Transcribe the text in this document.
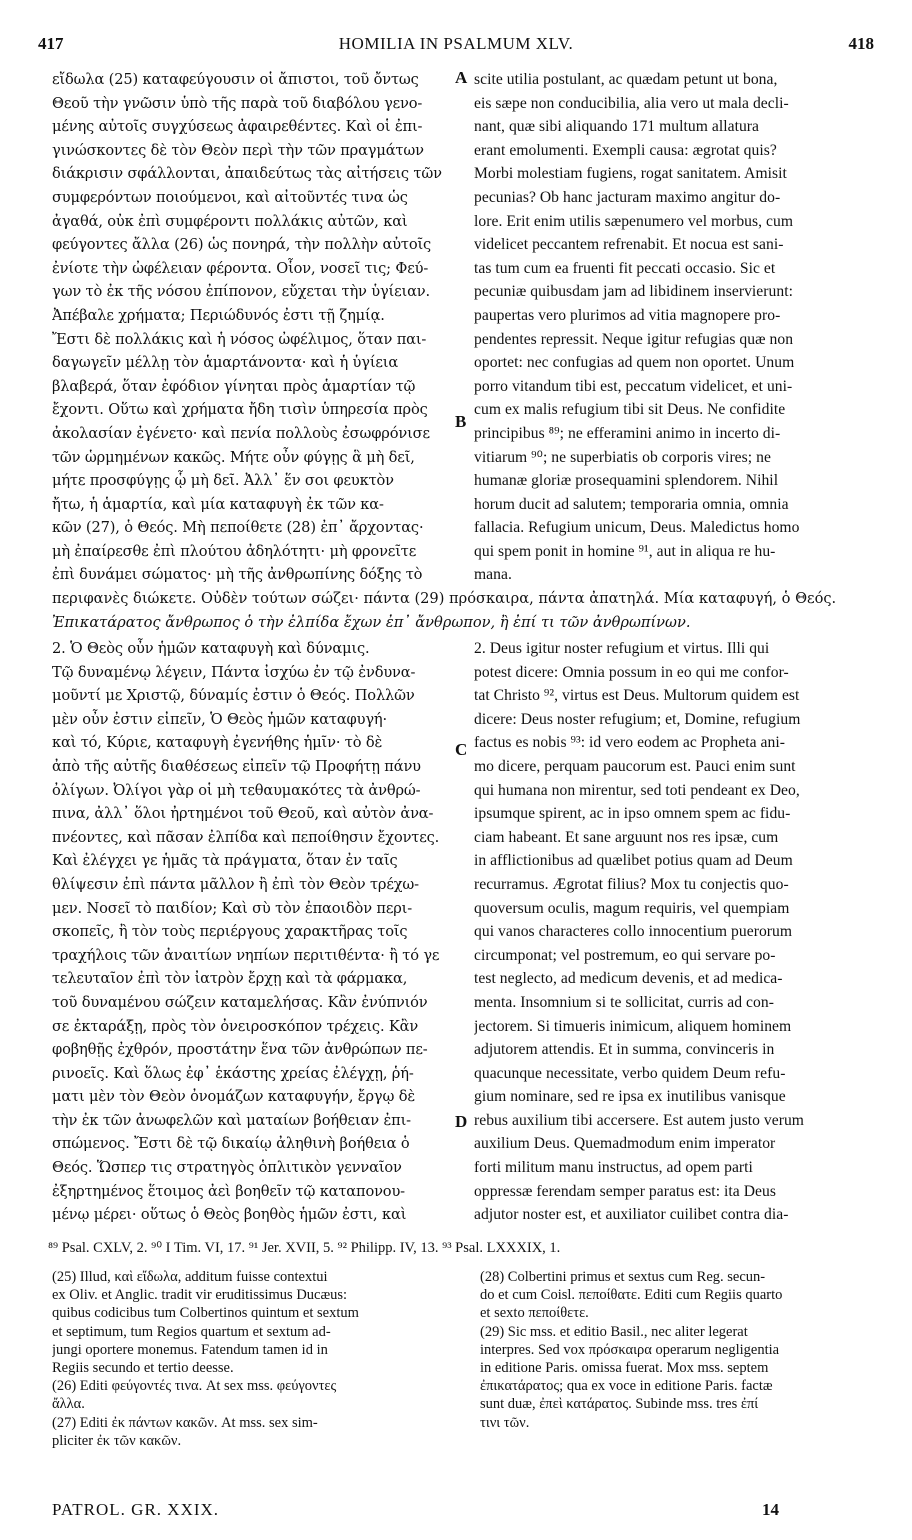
417	HOMILIA IN PSALMUM XLV.	418
εἴδωλα (25) καταφεύγουσιν οἱ ἄπιστοι, τοῦ ὄντως
Θεοῦ τὴν γνῶσιν ὑπὸ τῆς παρὰ τοῦ διαβόλου γενο-
μένης αὐτοῖς συγχύσεως ἀφαιρεθέντες. Καὶ οἱ ἐπι-
γινώσκοντες δὲ τὸν Θεὸν περὶ τὴν τῶν πραγμάτων
διάκρισιν σφάλλονται, ἀπαιδεύτως τὰς αἰτήσεις τῶν
συμφερόντων ποιούμενοι, καὶ αἰτοῦντές τινα ὡς
ἀγαθά, οὐκ ἐπὶ συμφέροντι πολλάκις αὐτῶν, καὶ
φεύγοντες ἄλλα (26) ὡς πονηρά, τὴν πολλὴν αὐτοῖς
ἐνίοτε τὴν ὠφέλειαν φέροντα. Οἷον, νοσεῖ τις; Φεύ-
γων τὸ ἐκ τῆς νόσου ἐπίπονον, εὔχεται τὴν ὑγίειαν.
Ἀπέβαλε χρήματα; Περιώδυνός ἐστι τῇ ζημίᾳ.
Ἔστι δὲ πολλάκις καὶ ἡ νόσος ὠφέλιμος, ὅταν παι-
δαγωγεῖν μέλλῃ τὸν ἁμαρτάνοντα· καὶ ἡ ὑγίεια
βλαβερά, ὅταν ἐφόδιον γίνηται πρὸς ἁμαρτίαν τῷ
ἔχοντι. Οὕτω καὶ χρήματα ἤδη τισὶν ὑπηρεσία πρὸς
ἀκολασίαν ἐγένετο· καὶ πενία πολλοὺς ἐσωφρόνισε
τῶν ὡρμημένων κακῶς. Μήτε οὖν φύγῃς ἃ μὴ δεῖ,
μήτε προσφύγῃς ᾧ μὴ δεῖ. Ἀλλ᾽ ἕν σοι φευκτὸν
ἤτω, ἡ ἁμαρτία, καὶ μία καταφυγὴ ἐκ τῶν κα-
κῶν (27), ὁ Θεός. Μὴ πεποίθετε (28) ἐπ᾽ ἄρχοντας·
μὴ ἐπαίρεσθε ἐπὶ πλούτου ἀδηλότητι· μὴ φρονεῖτε
ἐπὶ δυνάμει σώματος· μὴ τῆς ἀνθρωπίνης δόξης τὸ
scite utilia postulant, ac quædam petunt ut bona,
eis sæpe non conducibilia, alia vero ut mala decli-
nant, quæ sibi aliquando 171 multum allatura
erant emolumenti. Exempli causa: ægrotat quis?
Morbi molestiam fugiens, rogat sanitatem. Amisit
pecunias? Ob hanc jacturam maximo angitur do-
lore. Erit enim utilis sæpenumero vel morbus, cum
videlicet peccantem refrenabit. Et nocua est sani-
tas tum cum ea fruenti fit peccati occasio. Sic et
pecuniæ quibusdam jam ad libidinem inservierunt:
paupertas vero plurimos ad vitia magnopere pro-
pendentes repressit. Neque igitur refugias quæ non
oportet: nec confugias ad quem non oportet. Unum
porro vitandum tibi est, peccatum videlicet, et uni-
cum ex malis refugium tibi sit Deus. Ne confidite
principibus ⁸⁹; ne efferamini animo in incerto di-
vitiarum ⁹⁰; ne superbiatis ob corporis vires; ne
humanæ gloriæ prosequamini splendorem. Nihil
horum ducit ad salutem; temporaria omnia, omnia
fallacia. Refugium unicum, Deus. Maledictus homo
qui spem ponit in homine ⁹¹, aut in aliqua re hu-
mana.
περιφανὲς διώκετε. Οὐδὲν τούτων σώζει· πάντα (29) πρόσκαιρα, πάντα ἀπατηλά. Μία καταφυγή, ὁ Θεός.
Ἐπικατάρατος ἄνθρωπος ὁ τὴν ἐλπίδα ἔχων ἐπ᾽ ἄνθρωπον, ἢ ἐπί τι τῶν ἀνθρωπίνων.
2. Ὁ Θεὸς οὖν ἡμῶν καταφυγὴ καὶ δύναμις.
Τῷ δυναμένῳ λέγειν, Πάντα ἰσχύω ἐν τῷ ἐνδυνα-
μοῦντί με Χριστῷ, δύναμίς ἐστιν ὁ Θεός. Πολλῶν
μὲν οὖν ἐστιν εἰπεῖν, Ὁ Θεὸς ἡμῶν καταφυγή·
καὶ τό, Κύριε, καταφυγὴ ἐγενήθης ἡμῖν· τὸ δὲ
ἀπὸ τῆς αὐτῆς διαθέσεως εἰπεῖν τῷ Προφήτῃ πάνυ
ὀλίγων. Ὀλίγοι γὰρ οἱ μὴ τεθαυμακότες τὰ ἀνθρώ-
πινα, ἀλλ᾽ ὅλοι ἠρτημένοι τοῦ Θεοῦ, καὶ αὐτὸν ἀνα-
πνέοντες, καὶ πᾶσαν ἐλπίδα καὶ πεποίθησιν ἔχοντες.
Καὶ ἐλέγχει γε ἡμᾶς τὰ πράγματα, ὅταν ἐν ταῖς
θλίψεσιν ἐπὶ πάντα μᾶλλον ἢ ἐπὶ τὸν Θεὸν τρέχω-
μεν. Νοσεῖ τὸ παιδίον; Καὶ σὺ τὸν ἐπαοιδὸν περι-
σκοπεῖς, ἢ τὸν τοὺς περιέργους χαρακτῆρας τοῖς
τραχήλοις τῶν ἀναιτίων νηπίων περιτιθέντα· ἢ τό γε
τελευταῖον ἐπὶ τὸν ἰατρὸν ἔρχῃ καὶ τὰ φάρμακα,
τοῦ δυναμένου σώζειν καταμελήσας. Κἂν ἐνύπνιόν
σε ἐκταράξῃ, πρὸς τὸν ὀνειροσκόπον τρέχεις. Κἂν
φοβηθῇς ἐχθρόν, προστάτην ἕνα τῶν ἀνθρώπων πε-
ρινοεῖς. Καὶ ὅλως ἐφ᾽ ἑκάστης χρείας ἐλέγχῃ, ῥή-
ματι μὲν τὸν Θεὸν ὀνομάζων καταφυγήν, ἔργῳ δὲ
τὴν ἐκ τῶν ἀνωφελῶν καὶ ματαίων βοήθειαν ἐπι-
σπώμενος. Ἔστι δὲ τῷ δικαίῳ ἀληθινὴ βοήθεια ὁ
Θεός. Ὥσπερ τις στρατηγὸς ὁπλιτικὸν γενναῖον
ἐξηρτημένος ἕτοιμος ἀεὶ βοηθεῖν τῷ καταπονου-
μένῳ μέρει· οὕτως ὁ Θεὸς βοηθὸς ἡμῶν ἐστι, καὶ
2. Deus igitur noster refugium et virtus. Illi qui
potest dicere: Omnia possum in eo qui me confor-
tat Christo ⁹², virtus est Deus. Multorum quidem est
dicere: Deus noster refugium; et, Domine, refugium
factus es nobis ⁹³: id vero eodem ac Propheta ani-
mo dicere, perquam paucorum est. Pauci enim sunt
qui humana non mirentur, sed toti pendeant ex Deo,
ipsumque spirent, ac in ipso omnem spem ac fidu-
ciam habeant. Et sane arguunt nos res ipsæ, cum
in afflictionibus ad quælibet potius quam ad Deum
recurramus. Ægrotat filius? Mox tu conjectis quo-
quoversum oculis, magum requiris, vel quempiam
qui vanos characteres collo innocentium puerorum
circumponat; vel postremum, eo qui servare po-
test neglecto, ad medicum devenis, et ad medica-
menta. Insomnium si te sollicitat, curris ad con-
jectorem. Si timueris inimicum, aliquem hominem
adjutorem attendis. Et in summa, convinceris in
quacunque necessitate, verbo quidem Deum refu-
gium nominare, sed re ipsa ex inutilibus vanisque
rebus auxilium tibi accersere. Est autem justo verum
auxilium Deus. Quemadmodum enim imperator
forti militum manu instructus, ad opem parti
oppressæ ferendam semper paratus est: ita Deus
adjutor noster est, et auxiliator cuilibet contra dia-
A
B
C
D
⁸⁹ Psal. CXLV, 2. ⁹⁰ I Tim. VI, 17. ⁹¹ Jer. XVII, 5. ⁹² Philipp. IV, 13. ⁹³ Psal. LXXXIX, 1.
(25) Illud, καὶ εἴδωλα, additum fuisse contextui
ex Oliv. et Anglic. tradit vir eruditissimus Ducæus:
quibus codicibus tum Colbertinos quintum et sextum
et septimum, tum Regios quartum et sextum ad-
jungi oportere monemus. Fatendum tamen id in
Regiis secundo et tertio deesse.
(26) Editi φεύγοντές τινα. At sex mss. φεύγοντες
ἄλλα.
(27) Editi ἐκ πάντων κακῶν. At mss. sex sim-
pliciter ἐκ τῶν κακῶν.
(28) Colbertini primus et sextus cum Reg. secun-
do et cum Coisl. πεποίθατε. Editi cum Regiis quarto
et sexto πεποίθετε.
(29) Sic mss. et editio Basil., nec aliter legerat
interpres. Sed vox πρόσκαιρα operarum negligentia
in editione Paris. omissa fuerat. Mox mss. septem
ἐπικατάρατος; qua ex voce in editione Paris. factæ
sunt duæ, ἐπεὶ κατάρατος. Subinde mss. tres ἐπί
τινι τῶν.
PATROL. GR. XXIX.	14
